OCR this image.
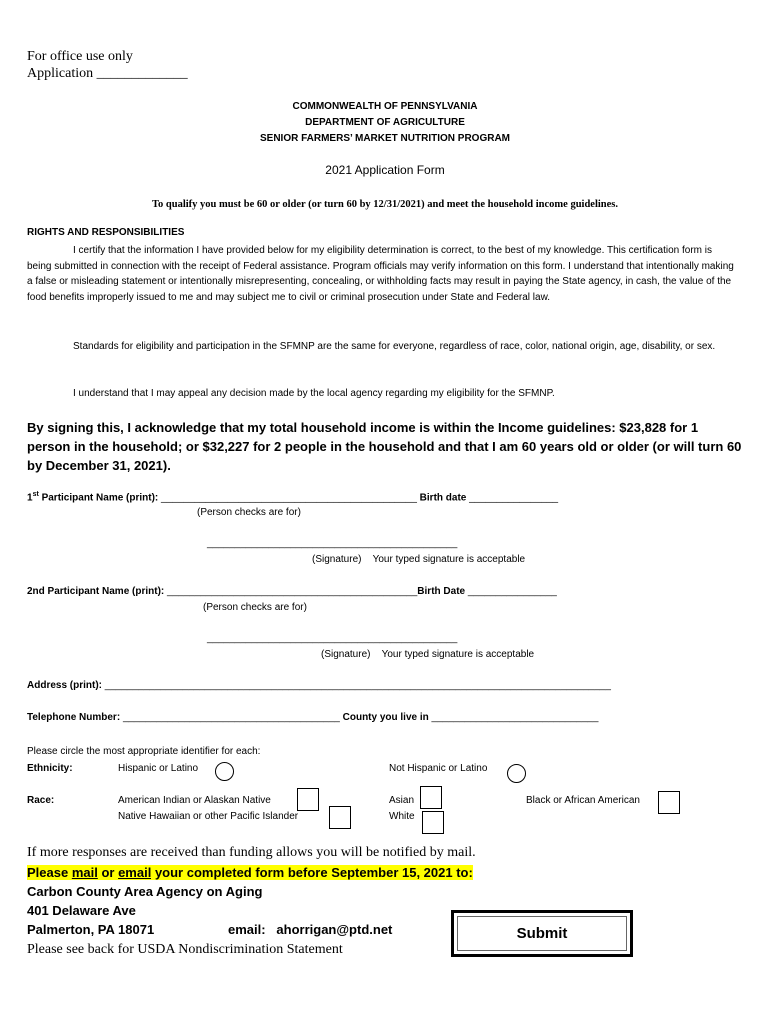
For office use only
Application _____________
COMMONWEALTH OF PENNSYLVANIA
DEPARTMENT OF AGRICULTURE
SENIOR FARMERS’ MARKET NUTRITION PROGRAM
2021 Application Form
To qualify you must be 60 or older (or turn 60 by 12/31/2021) and meet the household income guidelines.
RIGHTS AND RESPONSIBILITIES
I certify that the information I have provided below for my eligibility determination is correct, to the best of my knowledge. This certification form is being submitted in connection with the receipt of Federal assistance. Program officials may verify information on this form. I understand that intentionally making a false or misleading statement or intentionally misrepresenting, concealing, or withholding facts may result in paying the State agency, in cash, the value of the food benefits improperly issued to me and may subject me to civil or criminal prosecution under State and Federal law.
Standards for eligibility and participation in the SFMNP are the same for everyone, regardless of race, color, national origin, age, disability, or sex.
I understand that I may appeal any decision made by the local agency regarding my eligibility for the SFMNP.
By signing this, I acknowledge that my total household income is within the Income guidelines: $23,828 for 1 person in the household; or $32,227 for 2 people in the household and that I am 60 years old or older (or will turn 60 by December 31, 2021).
1st Participant Name (print): ______________________________________________ Birth date ________________
(Person checks are for)
_____________________________________________
(Signature) Your typed signature is acceptable
2nd Participant Name (print): _____________________________________________Birth Date ________________
(Person checks are for)
_____________________________________________
(Signature) Your typed signature is acceptable
Address (print): ___________________________________________________________________________________________
Telephone Number: _______________________________________ County you live in ______________________________
Please circle the most appropriate identifier for each:
Ethnicity:	Hispanic or Latino	Not Hispanic or Latino
Race:	American Indian or Alaskan Native
Native Hawaiian or other Pacific Islander
Asian
White
Black or African American
If more responses are received than funding allows you will be notified by mail.
Please mail or email your completed form before September 15, 2021 to:
Carbon County Area Agency on Aging
401 Delaware Ave
Palmerton, PA 18071	email: ahorrigan@ptd.net
Please see back for USDA Nondiscrimination Statement
Submit
